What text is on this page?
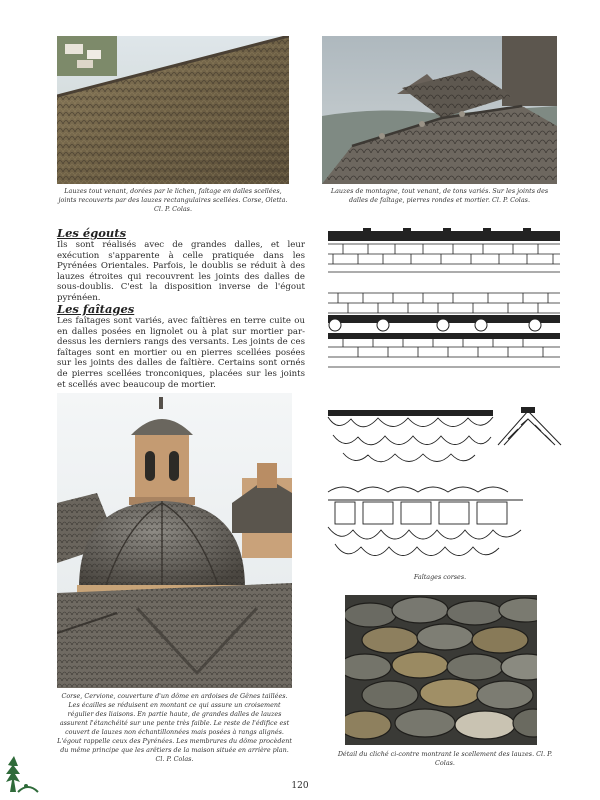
Lauzes tout venant, dorées par le lichen, faîtage en dalles scellées, joints recouverts par des lauzes rectangulaires scellées. Corse, Oletta. Cl. P. Colas.
Lauzes de montagne, tout venant, de tons variés. Sur les joints des dalles de faîtage, pierres rondes et mortier. Cl. P. Colas.
Les égouts
Ils sont réalisés avec de grandes dalles, et leur exécution s'apparente à celle pratiquée dans les Pyrénées Orientales. Parfois, le doublis se réduit à des lauzes étroites qui recouvrent les joints des dalles de sous-doublis. C'est la disposition inverse de l'égout pyrénéen.
Les faîtages
Les faîtages sont variés, avec faîtières en terre cuite ou en dalles posées en lignolet ou à plat sur mortier par-dessus les derniers rangs des versants. Les joints de ces faîtages sont en mortier ou en pierres scellées posées sur les joints des dalles de faîtière. Certains sont ornés de pierres scellées tronconiques, placées sur les joints et scellés avec beaucoup de mortier.
Faîtages corses.
Corse, Cervione, couverture d'un dôme en ardoises de Gênes taillées. Les écailles se réduisent en montant ce qui assure un croisement régulier des liaisons. En partie haute, de grandes dalles de lauzes assurent l'étanchéité sur une pente très faible. Le reste de l'édifice est couvert de lauzes non échantillonnées mais posées à rangs alignés. L'égout rappelle ceux des Pyrénées. Les membrures du dôme procèdent du même principe que les arêtiers de la maison située en arrière plan. Cl. P. Colas.
Détail du cliché ci-contre montrant le scellement des lauzes. Cl. P. Colas.
120
